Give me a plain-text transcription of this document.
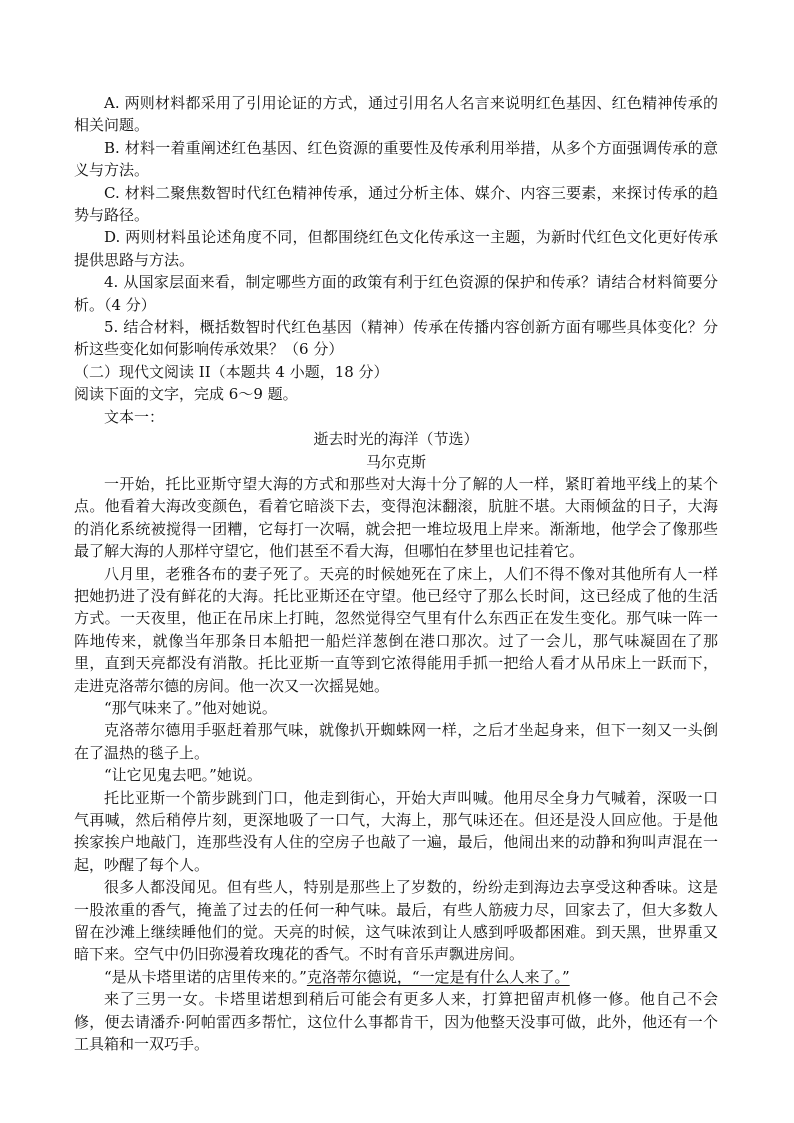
A. 两则材料都采用了引用论证的方式，通过引用名人名言来说明红色基因、红色精神传承的相关问题。

B. 材料一着重阐述红色基因、红色资源的重要性及传承利用举措，从多个方面强调传承的意义与方法。

C. 材料二聚焦数智时代红色精神传承，通过分析主体、媒介、内容三要素，来探讨传承的趋势与路径。

D. 两则材料虽论述角度不同，但都围绕红色文化传承这一主题，为新时代红色文化更好传承提供思路与方法。

4. 从国家层面来看，制定哪些方面的政策有利于红色资源的保护和传承？请结合材料简要分析。（4 分）

5. 结合材料，概括数智时代红色基因（精神）传承在传播内容创新方面有哪些具体变化？分析这些变化如何影响传承效果？（6 分）

（二）现代文阅读 II（本题共 4 小题，18 分）

阅读下面的文字，完成 6～9 题。

文本一：

逝去时光的海洋（节选）

马尔克斯

一开始，托比亚斯守望大海的方式和那些对大海十分了解的人一样，紧盯着地平线上的某个点。他看着大海改变颜色，看着它暗淡下去，变得泡沫翻滚，肮脏不堪。大雨倾盆的日子，大海的消化系统被搅得一团糟，它每打一次嗝，就会把一堆垃圾甩上岸来。渐渐地，他学会了像那些最了解大海的人那样守望它，他们甚至不看大海，但哪怕在梦里也记挂着它。

八月里，老雅各布的妻子死了。天亮的时候她死在了床上，人们不得不像对其他所有人一样把她扔进了没有鲜花的大海。托比亚斯还在守望。他已经守了那么长时间，这已经成了他的生活方式。一天夜里，他正在吊床上打盹，忽然觉得空气里有什么东西正在发生变化。那气味一阵一阵地传来，就像当年那条日本船把一船烂洋葱倒在港口那次。过了一会儿，那气味凝固在了那里，直到天亮都没有消散。托比亚斯一直等到它浓得能用手抓一把给人看才从吊床上一跃而下，走进克洛蒂尔德的房间。他一次又一次摇晃她。

“那气味来了。”他对她说。

克洛蒂尔德用手驱赶着那气味，就像扒开蜘蛛网一样，之后才坐起身来，但下一刻又一头倒在了温热的毯子上。

“让它见鬼去吧。”她说。

托比亚斯一个箭步跳到门口，他走到街心，开始大声叫喊。他用尽全身力气喊着，深吸一口气再喊，然后稍停片刻，更深地吸了一口气，大海上，那气味还在。但还是没人回应他。于是他挨家挨户地敲门，连那些没有人住的空房子也敲了一遍，最后，他闹出来的动静和狗叫声混在一起，吵醒了每个人。

很多人都没闻见。但有些人，特别是那些上了岁数的，纷纷走到海边去享受这种香味。这是一股浓重的香气，掩盖了过去的任何一种气味。最后，有些人筋疲力尽，回家去了，但大多数人留在沙滩上继续睡他们的觉。天亮的时候，这气味浓到让人感到呼吸都困难。到天黑，世界重又暗下来。空气中仍旧弥漫着玫瑰花的香气。不时有音乐声飘进房间。

“是从卡塔里诺的店里传来的。”克洛蒂尔德说，“一定是有什么人来了。”

来了三男一女。卡塔里诺想到稍后可能会有更多人来，打算把留声机修一修。他自己不会修，便去请潘乔·阿帕雷西多帮忙，这位什么事都肯干，因为他整天没事可做，此外，他还有一个工具箱和一双巧手。
